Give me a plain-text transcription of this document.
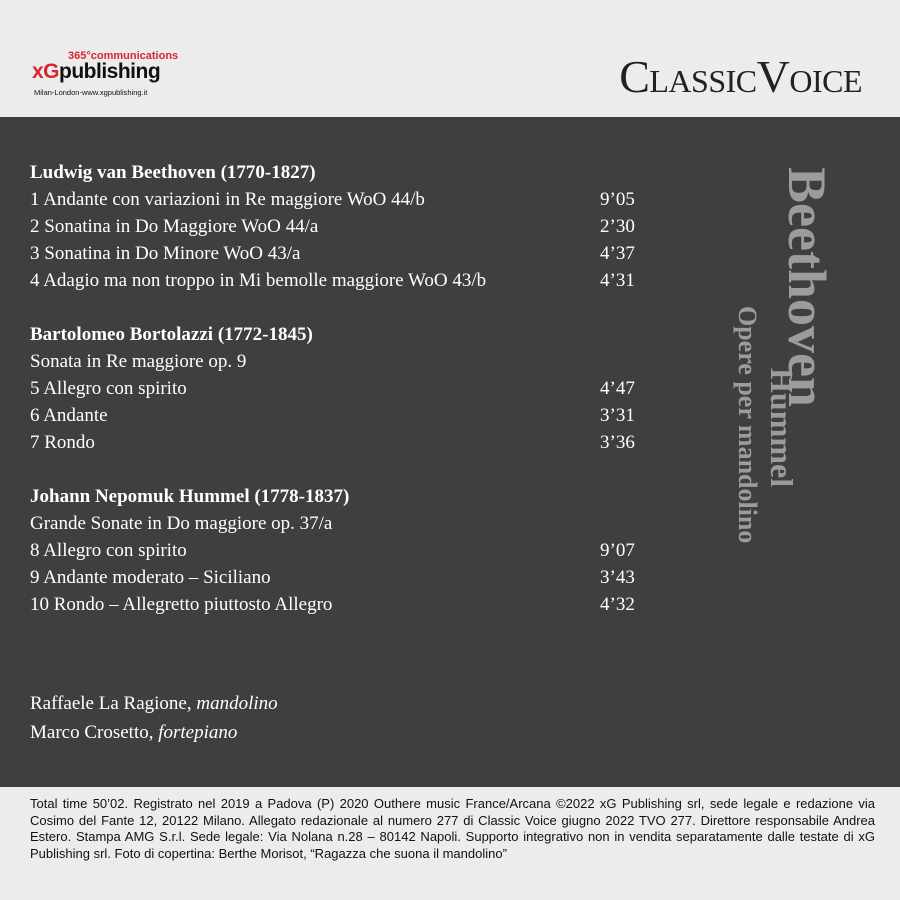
365°communications
xGpublishing
Milan-London-www.xgpublishing.it	ClassicVoice
Ludwig van Beethoven (1770-1827)
1 Andante con variazioni in Re maggiore WoO 44/b	9’05
2 Sonatina in Do Maggiore WoO 44/a	2’30
3 Sonatina in Do Minore WoO 43/a	4’37
4 Adagio ma non troppo in Mi bemolle maggiore WoO 43/b	4’31
Bartolomeo Bortolazzi (1772-1845)
Sonata in Re maggiore op. 9
5 Allegro con spirito	4’47
6 Andante	3’31
7 Rondo	3’36
Johann Nepomuk Hummel (1778-1837)
Grande Sonate in Do maggiore op. 37/a
8 Allegro con spirito	9’07
9 Andante moderato – Siciliano	3’43
10 Rondo – Allegretto piuttosto Allegro	4’32
Raffaele La Ragione, mandolino
Marco Crosetto, fortepiano
Beethoven
Hummel
Opere per mandolino
Total time 50’02. Registrato nel 2019 a Padova (P) 2020 Outhere music France/Arcana ©2022 xG Publishing srl, sede legale e redazione via Cosimo del Fante 12, 20122 Milano. Allegato redazionale al numero 277 di Classic Voice giugno 2022 TVO 277. Direttore responsabile Andrea Estero. Stampa AMG S.r.l. Sede legale: Via Nolana n.28 – 80142 Napoli. Supporto integrativo non in vendita separatamente dalle testate di xG Publishing srl. Foto di copertina: Berthe Morisot, “Ragazza che suona il mandolino”
